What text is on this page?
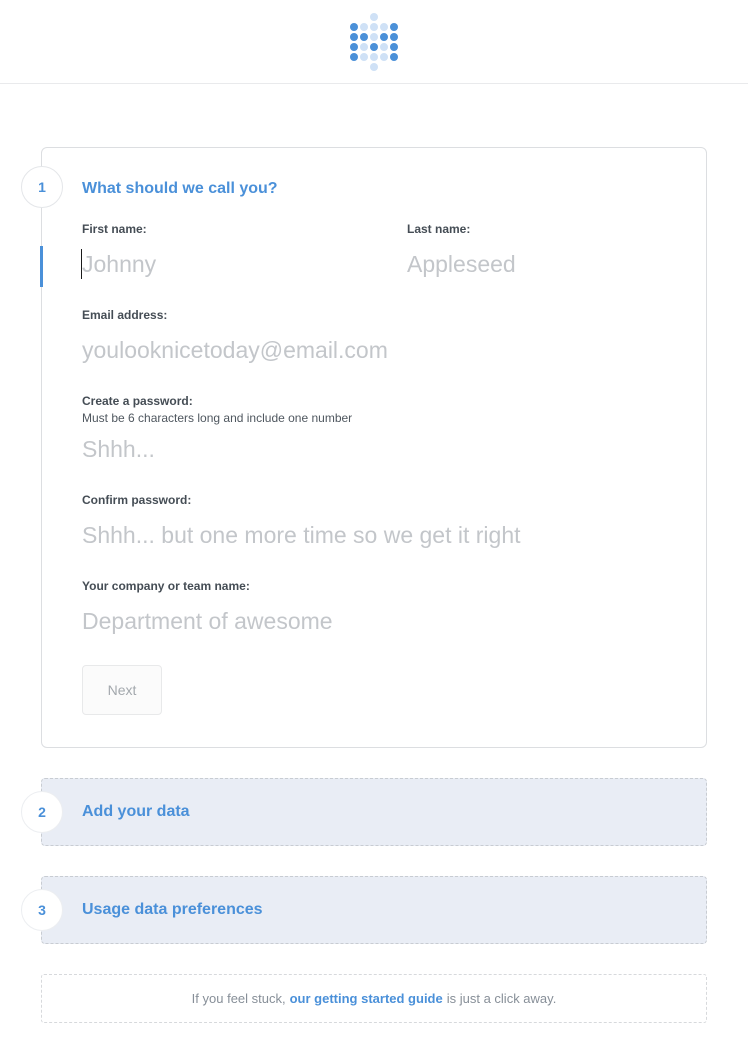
1 What should we call you?
First name:
Johnny	Last name:
Appleseed
Email address:
youlooknicetoday@email.com
Create a password:
Must be 6 characters long and include one number
Shhh...
Confirm password:
Shhh... but one more time so we get it right
Your company or team name:
Department of awesome
Next
2 Add your data
3 Usage data preferences
If you feel stuck, our getting started guide is just a click away.
